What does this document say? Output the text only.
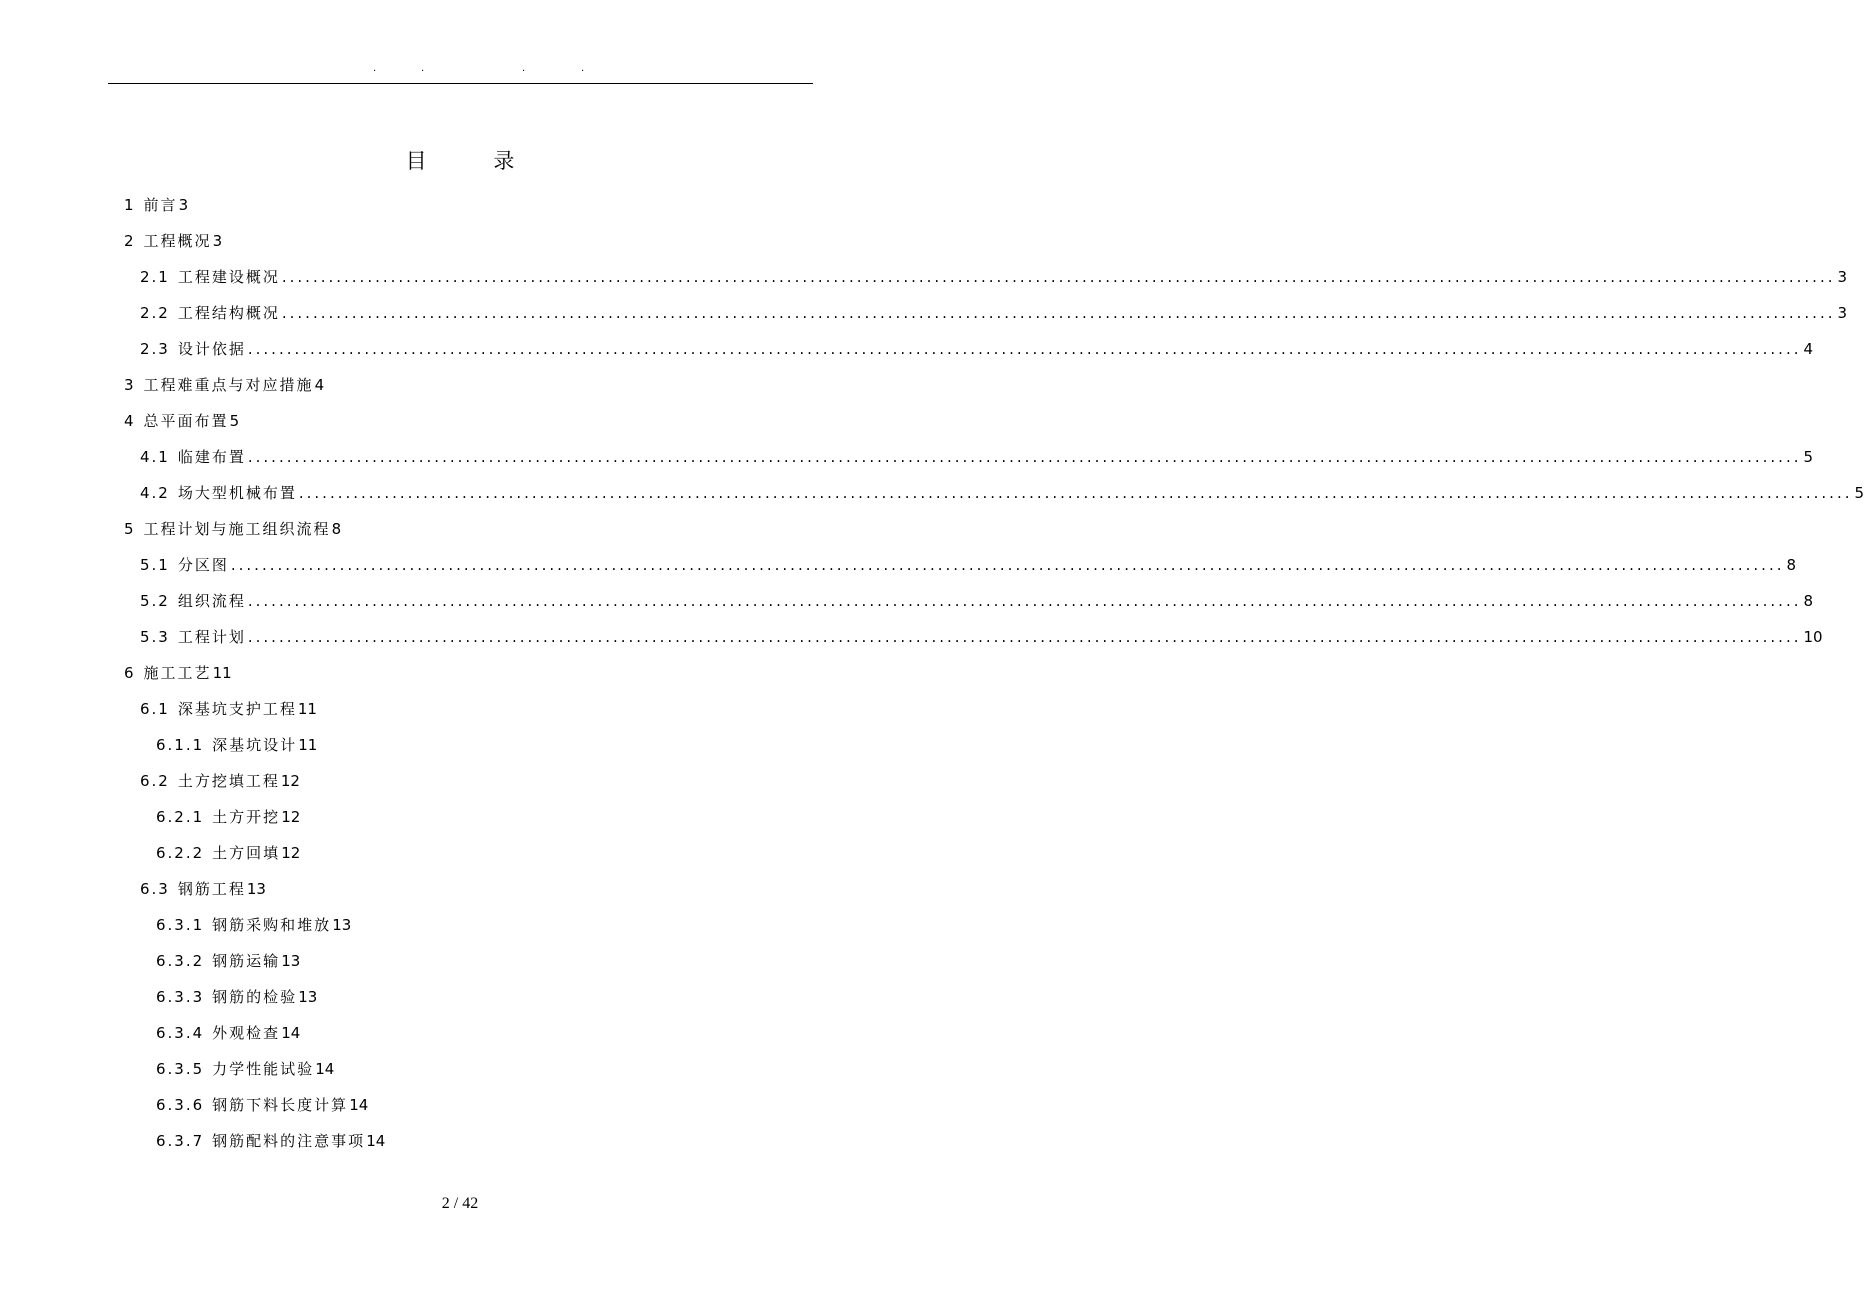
.	.	.	.
目 录
1 前言 3
2 工程概况 3
2.1 工程建设概况 ........................................................................................................................................................................................................ 3
2.2 工程结构概况 ........................................................................................................................................................................................................ 3
2.3 设计依据 ........................................................................................................................................................................................................ 4
3 工程难重点与对应措施 4
4 总平面布置 5
4.1 临建布置 ........................................................................................................................................................................................................ 5
4.2 场大型机械布置 ........................................................................................................................................................................................................ 5
5 工程计划与施工组织流程 8
5.1 分区图 ........................................................................................................................................................................................................ 8
5.2 组织流程 ........................................................................................................................................................................................................ 8
5.3 工程计划 ........................................................................................................................................................................................................ 10
6 施工工艺 11
6.1 深基坑支护工程 11
6.1.1 深基坑设计 11
6.2 土方挖填工程 12
6.2.1 土方开挖 12
6.2.2 土方回填 12
6.3 钢筋工程 13
6.3.1 钢筋采购和堆放 13
6.3.2 钢筋运输 13
6.3.3 钢筋的检验 13
6.3.4 外观检查 14
6.3.5 力学性能试验 14
6.3.6 钢筋下料长度计算 14
6.3.7 钢筋配料的注意事项 14
2 / 42
